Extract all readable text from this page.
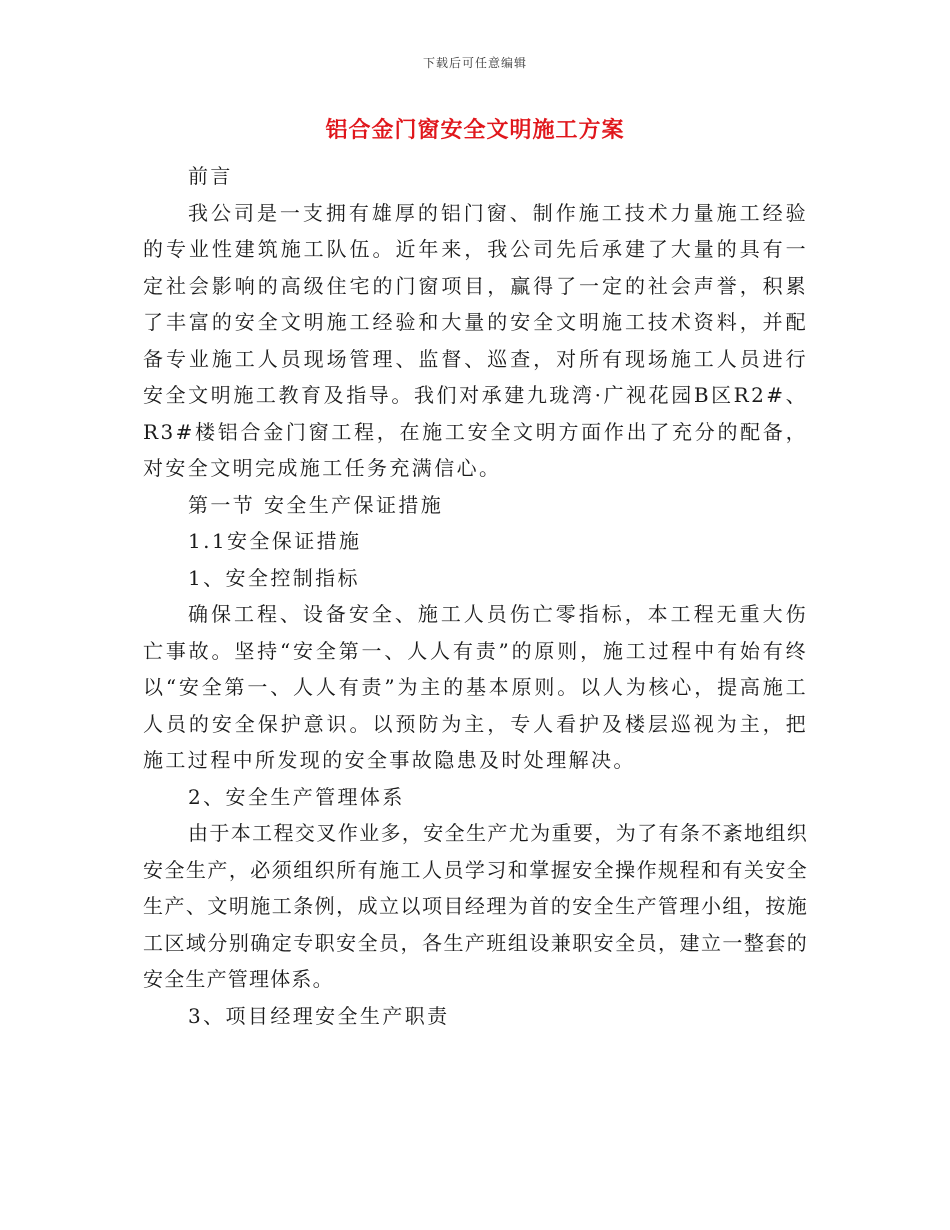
下载后可任意编辑
铝合金门窗安全文明施工方案

前言

我公司是一支拥有雄厚的铝门窗、制作施工技术力量施工经验的专业性建筑施工队伍。近年来，我公司先后承建了大量的具有一定社会影响的高级住宅的门窗项目，赢得了一定的社会声誉，积累了丰富的安全文明施工经验和大量的安全文明施工技术资料，并配备专业施工人员现场管理、监督、巡查，对所有现场施工人员进行安全文明施工教育及指导。我们对承建九珑湾·广视花园B区R2#、R3#楼铝合金门窗工程，在施工安全文明方面作出了充分的配备，对安全文明完成施工任务充满信心。

第一节 安全生产保证措施

1.1安全保证措施

1、安全控制指标

确保工程、设备安全、施工人员伤亡零指标，本工程无重大伤亡事故。坚持“安全第一、人人有责”的原则，施工过程中有始有终以“安全第一、人人有责”为主的基本原则。以人为核心，提高施工人员的安全保护意识。以预防为主，专人看护及楼层巡视为主，把施工过程中所发现的安全事故隐患及时处理解决。

2、安全生产管理体系

由于本工程交叉作业多，安全生产尤为重要，为了有条不紊地组织安全生产，必须组织所有施工人员学习和掌握安全操作规程和有关安全生产、文明施工条例，成立以项目经理为首的安全生产管理小组，按施工区域分别确定专职安全员，各生产班组设兼职安全员，建立一整套的安全生产管理体系。

3、项目经理安全生产职责
